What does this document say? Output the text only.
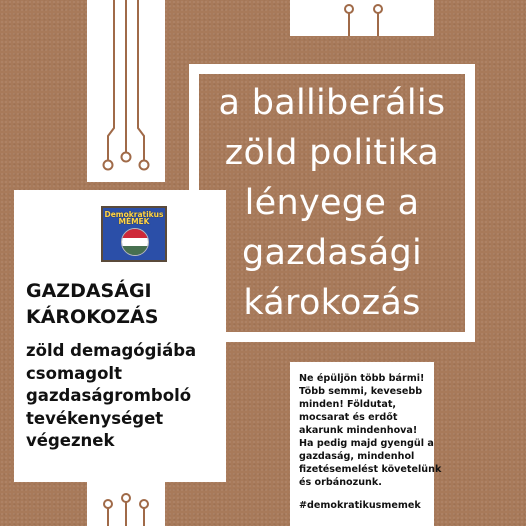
a balliberális
zöld politika
lényege a
gazdasági
károkozás
Demokratikus
MÉMEK
GAZDASÁGI
KÁROKOZÁS
zöld demagógiába
csomagolt
gazdaságromboló
tevékenységet
végeznek
Ne épüljön több bármi!
Több semmi, kevesebb
minden! Földutat,
mocsarat és erdőt
akarunk mindenhova!
Ha pedig majd gyengül a
gazdaság, mindenhol
fizetésemelést követelünk
és orbánozunk.
#demokratikusmemek
